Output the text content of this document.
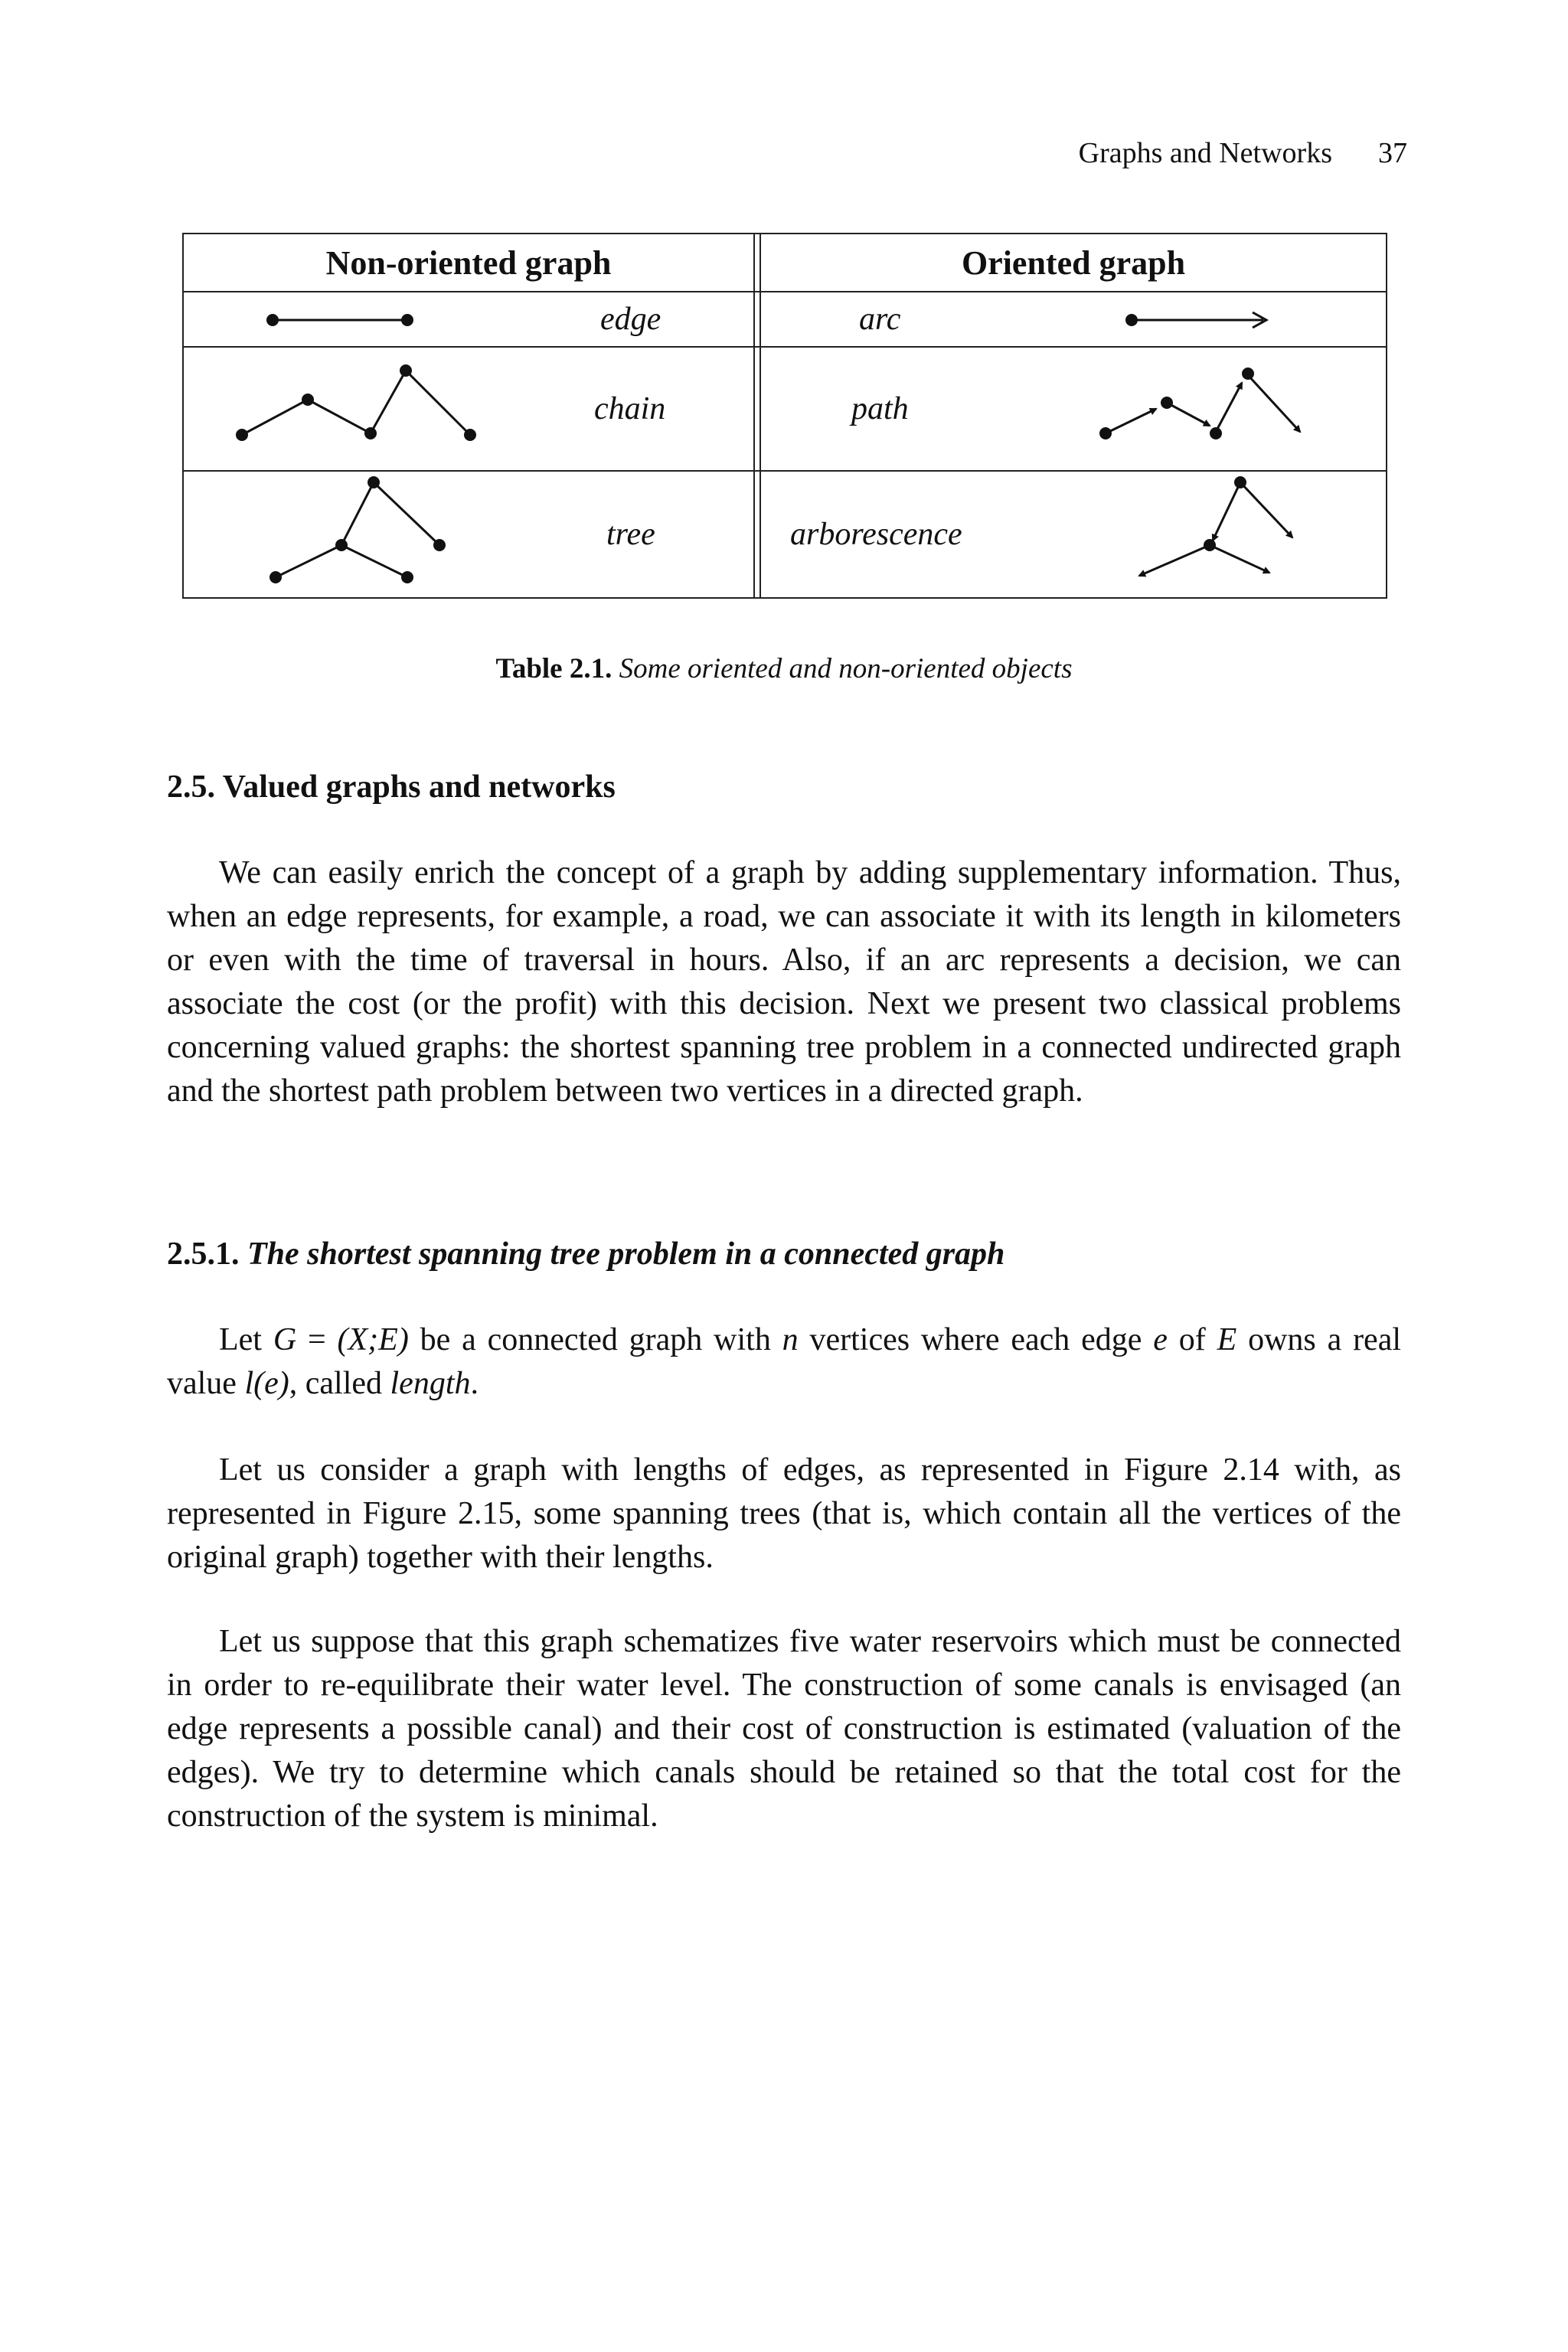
Graphs and Networks 37
Non-oriented graph		Oriented graph

edge		arc

chain		path

tree		arborescence
Table 2.1. Some oriented and non-oriented objects
2.5. Valued graphs and networks

We can easily enrich the concept of a graph by adding supplementary information. Thus, when an edge represents, for example, a road, we can associate it with its length in kilometers or even with the time of traversal in hours. Also, if an arc represents a decision, we can associate the cost (or the profit) with this decision. Next we present two classical problems concerning valued graphs: the shortest spanning tree problem in a connected undirected graph and the shortest path problem between two vertices in a directed graph.

2.5.1. The shortest spanning tree problem in a connected graph

Let G = (X;E) be a connected graph with n vertices where each edge e of E owns a real value l(e), called length.

Let us consider a graph with lengths of edges, as represented in Figure 2.14 with, as represented in Figure 2.15, some spanning trees (that is, which contain all the vertices of the original graph) together with their lengths.

Let us suppose that this graph schematizes five water reservoirs which must be connected in order to re-equilibrate their water level. The construction of some canals is envisaged (an edge represents a possible canal) and their cost of construction is estimated (valuation of the edges). We try to determine which canals should be retained so that the total cost for the construction of the system is minimal.
